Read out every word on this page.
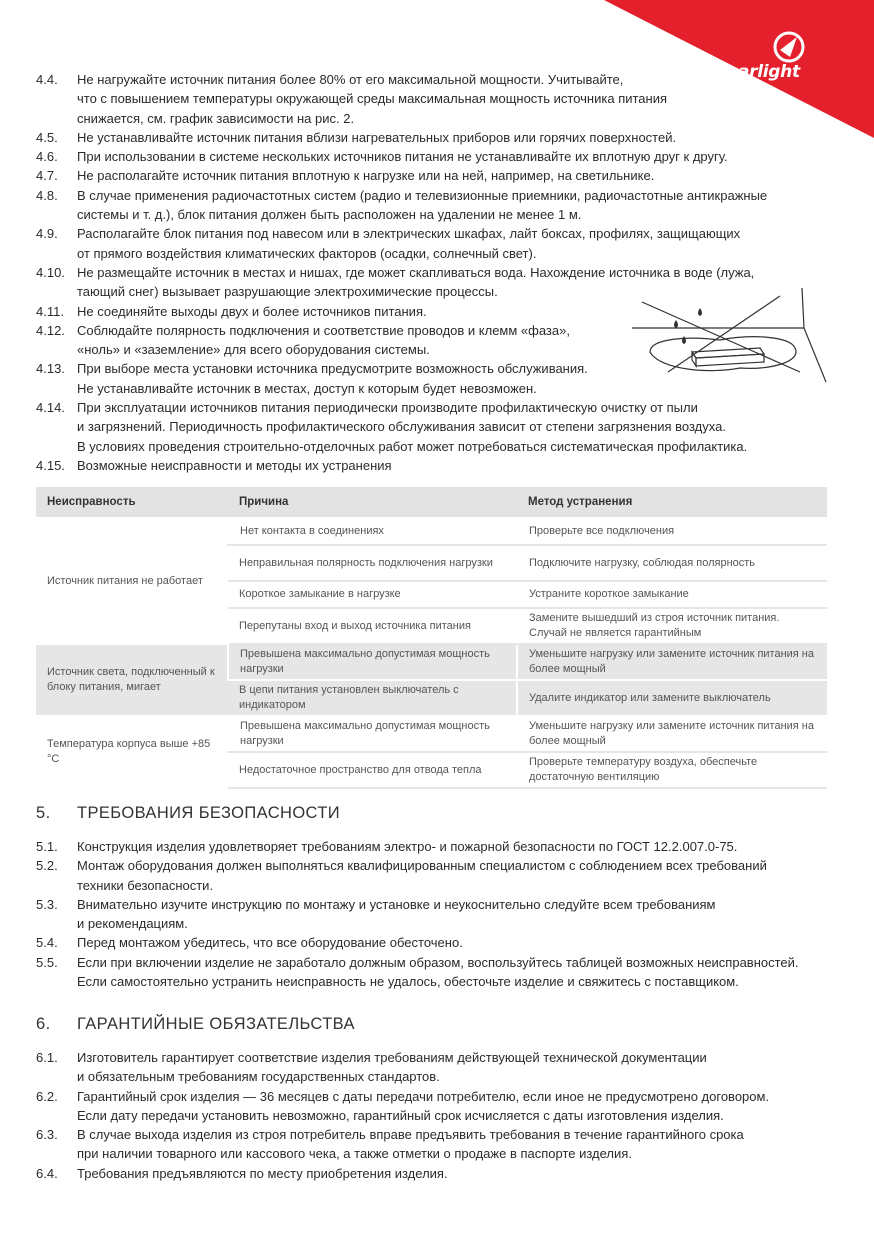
arlight
4.4.	Не нагружайте источник питания более 80% от его максимальной мощности. Учитывайте,
что с повышением температуры окружающей среды максимальная мощность источника питания
снижается, см. график зависимости на рис. 2.
4.5.	Не устанавливайте источник питания вблизи нагревательных приборов или горячих поверхностей.
4.6.	При использовании в системе нескольких источников питания не устанавливайте их вплотную друг к другу.
4.7.	Не располагайте источник питания вплотную к нагрузке или на ней, например, на светильнике.
4.8.	В случае применения радиочастотных систем (радио и телевизионные приемники, радиочастотные антикражные
системы и т. д.), блок питания должен быть расположен на удалении не менее 1 м.
4.9.	Располагайте блок питания под навесом или в электрических шкафах, лайт боксах, профилях, защищающих
от прямого воздействия климатических факторов (осадки, солнечный свет).
4.10. Не размещайте источник в местах и нишах, где может скапливаться вода. Нахождение источника в воде (лужа,
тающий снег) вызывает разрушающие электрохимические процессы.
4.11.	Не соединяйте выходы двух и более источников питания.
4.12. Соблюдайте полярность подключения и соответствие проводов и клемм «фаза»,
«ноль» и «заземление» для всего оборудования системы.
4.13. При выборе места установки источника предусмотрите возможность обслуживания.
Не устанавливайте источник в местах, доступ к которым будет невозможен.
4.14. При эксплуатации источников питания периодически производите профилактическую очистку от пыли
и загрязнений. Периодичность профилактического обслуживания зависит от степени загрязнения воздуха.
В условиях проведения строительно-отделочных работ может потребоваться систематическая профилактика.
4.15. Возможные неисправности и методы их устранения
Неисправность	Причина	Метод устранения
Источник питания не работает	Нет контакта в соединениях	Проверьте все подключения
	Неправильная полярность подключения нагрузки	Подключите нагрузку, соблюдая полярность
	Короткое замыкание в нагрузке	Устраните короткое замыкание
	Перепутаны вход и выход источника питания	Замените вышедший из строя источник питания. Случай не является гарантийным
Источник света, подключенный к блоку питания, мигает	Превышена максимально допустимая мощность нагрузки	Уменьшите нагрузку или замените источник питания на более мощный
	В цепи питания установлен выключатель с индикатором	Удалите индикатор или замените выключатель
Температура корпуса выше +85 °C	Превышена максимально допустимая мощность нагрузки	Уменьшите нагрузку или замените источник питания на более мощный
	Недостаточное пространство для отвода тепла	Проверьте температуру воздуха, обеспечьте достаточную вентиляцию
5.	ТРЕБОВАНИЯ БЕЗОПАСНОСТИ
5.1.	Конструкция изделия удовлетворяет требованиям электро- и пожарной безопасности по ГОСТ 12.2.007.0-75.
5.2.	Монтаж оборудования должен выполняться квалифицированным специалистом с соблюдением всех требований
техники безопасности.
5.3.	Внимательно изучите инструкцию по монтажу и установке и неукоснительно следуйте всем требованиям
и рекомендациям.
5.4.	Перед монтажом убедитесь, что все оборудование обесточено.
5.5.	Если при включении изделие не заработало должным образом, воспользуйтесь таблицей возможных неисправностей.
Если самостоятельно устранить неисправность не удалось, обесточьте изделие и свяжитесь с поставщиком.
6.	ГАРАНТИЙНЫЕ ОБЯЗАТЕЛЬСТВА
6.1.	Изготовитель гарантирует соответствие изделия требованиям действующей технической документации
и обязательным требованиям государственных стандартов.
6.2.	Гарантийный срок изделия — 36 месяцев с даты передачи потребителю, если иное не предусмотрено договором.
Если дату передачи установить невозможно, гарантийный срок исчисляется с даты изготовления изделия.
6.3.	В случае выхода изделия из строя потребитель вправе предъявить требования в течение гарантийного срока
при наличии товарного или кассового чека, а также отметки о продаже в паспорте изделия.
6.4.	Требования предъявляются по месту приобретения изделия.
